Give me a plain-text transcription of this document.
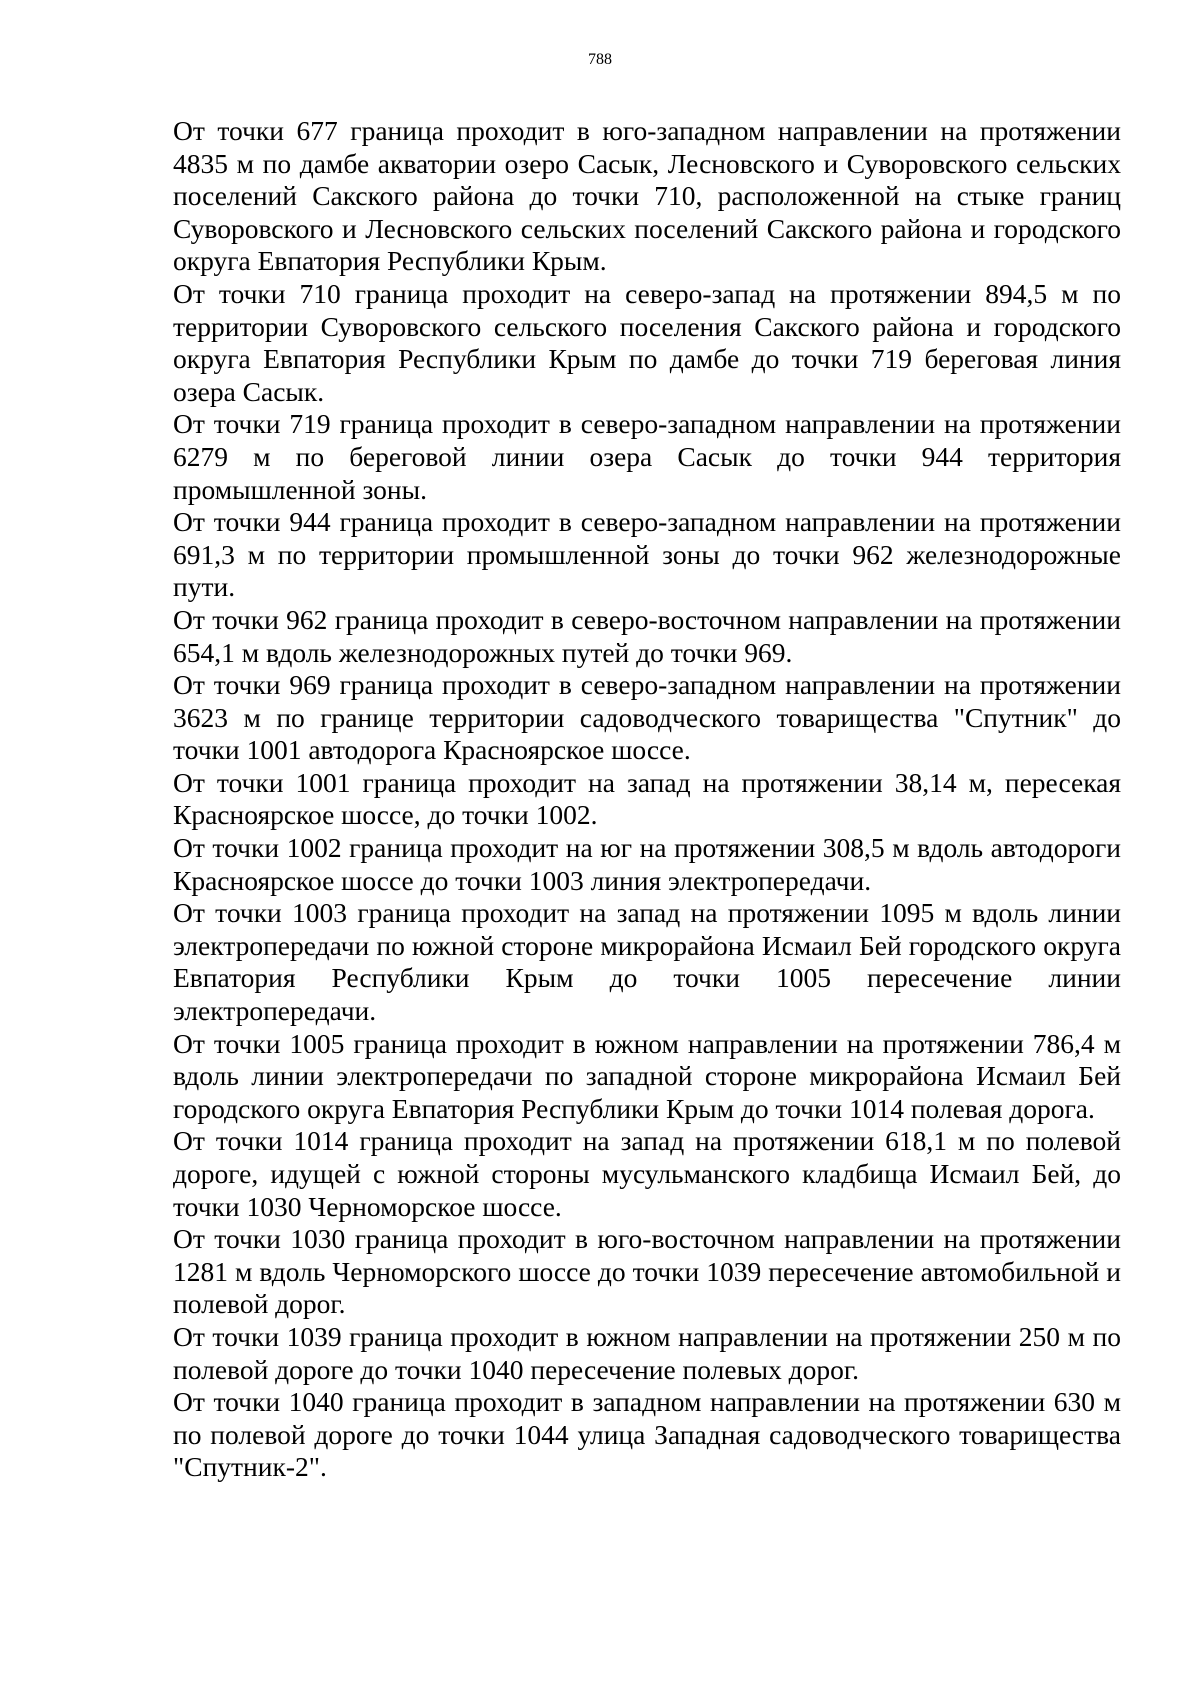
788

От точки 677 граница проходит в юго-западном направлении на протяжении 4835 м по дамбе акватории озеро Сасык, Лесновского и Суворовского сельских поселений Сакского района до точки 710, расположенной на стыке границ Суворовского и Лесновского сельских поселений Сакского района и городского округа Евпатория Республики Крым.

От точки 710 граница проходит на северо-запад на протяжении 894,5 м по территории Суворовского сельского поселения Сакского района и городского округа Евпатория Республики Крым по дамбе до точки 719 береговая линия озера Сасык.

От точки 719 граница проходит в северо-западном направлении на протяжении 6279 м по береговой линии озера Сасык до точки 944 территория промышленной зоны.

От точки 944 граница проходит в северо-западном направлении на протяжении 691,3 м по территории промышленной зоны до точки 962 железнодорожные пути.

От точки 962 граница проходит в северо-восточном направлении на протяжении 654,1 м вдоль железнодорожных путей до точки 969.

От точки 969 граница проходит в северо-западном направлении на протяжении 3623 м по границе территории садоводческого товарищества "Спутник" до точки 1001 автодорога Красноярское шоссе.

От точки 1001 граница проходит на запад на протяжении 38,14 м, пересекая Красноярское шоссе, до точки 1002.

От точки 1002 граница проходит на юг на протяжении 308,5 м вдоль автодороги Красноярское шоссе до точки 1003 линия электропередачи.

От точки 1003 граница проходит на запад на протяжении 1095 м вдоль линии электропередачи по южной стороне микрорайона Исмаил Бей городского округа Евпатория Республики Крым до точки 1005 пересечение линии электропередачи.

От точки 1005 граница проходит в южном направлении на протяжении 786,4 м вдоль линии электропередачи по западной стороне микрорайона Исмаил Бей городского округа Евпатория Республики Крым до точки 1014 полевая дорога.

От точки 1014 граница проходит на запад на протяжении 618,1 м по полевой дороге, идущей с южной стороны мусульманского кладбища Исмаил Бей, до точки 1030 Черноморское шоссе.

От точки 1030 граница проходит в юго-восточном направлении на протяжении 1281 м вдоль Черноморского шоссе до точки 1039 пересечение автомобильной и полевой дорог.

От точки 1039 граница проходит в южном направлении на протяжении 250 м по полевой дороге до точки 1040 пересечение полевых дорог.

От точки 1040 граница проходит в западном направлении на протяжении 630 м по полевой дороге до точки 1044 улица Западная садоводческого товарищества "Спутник-2".
